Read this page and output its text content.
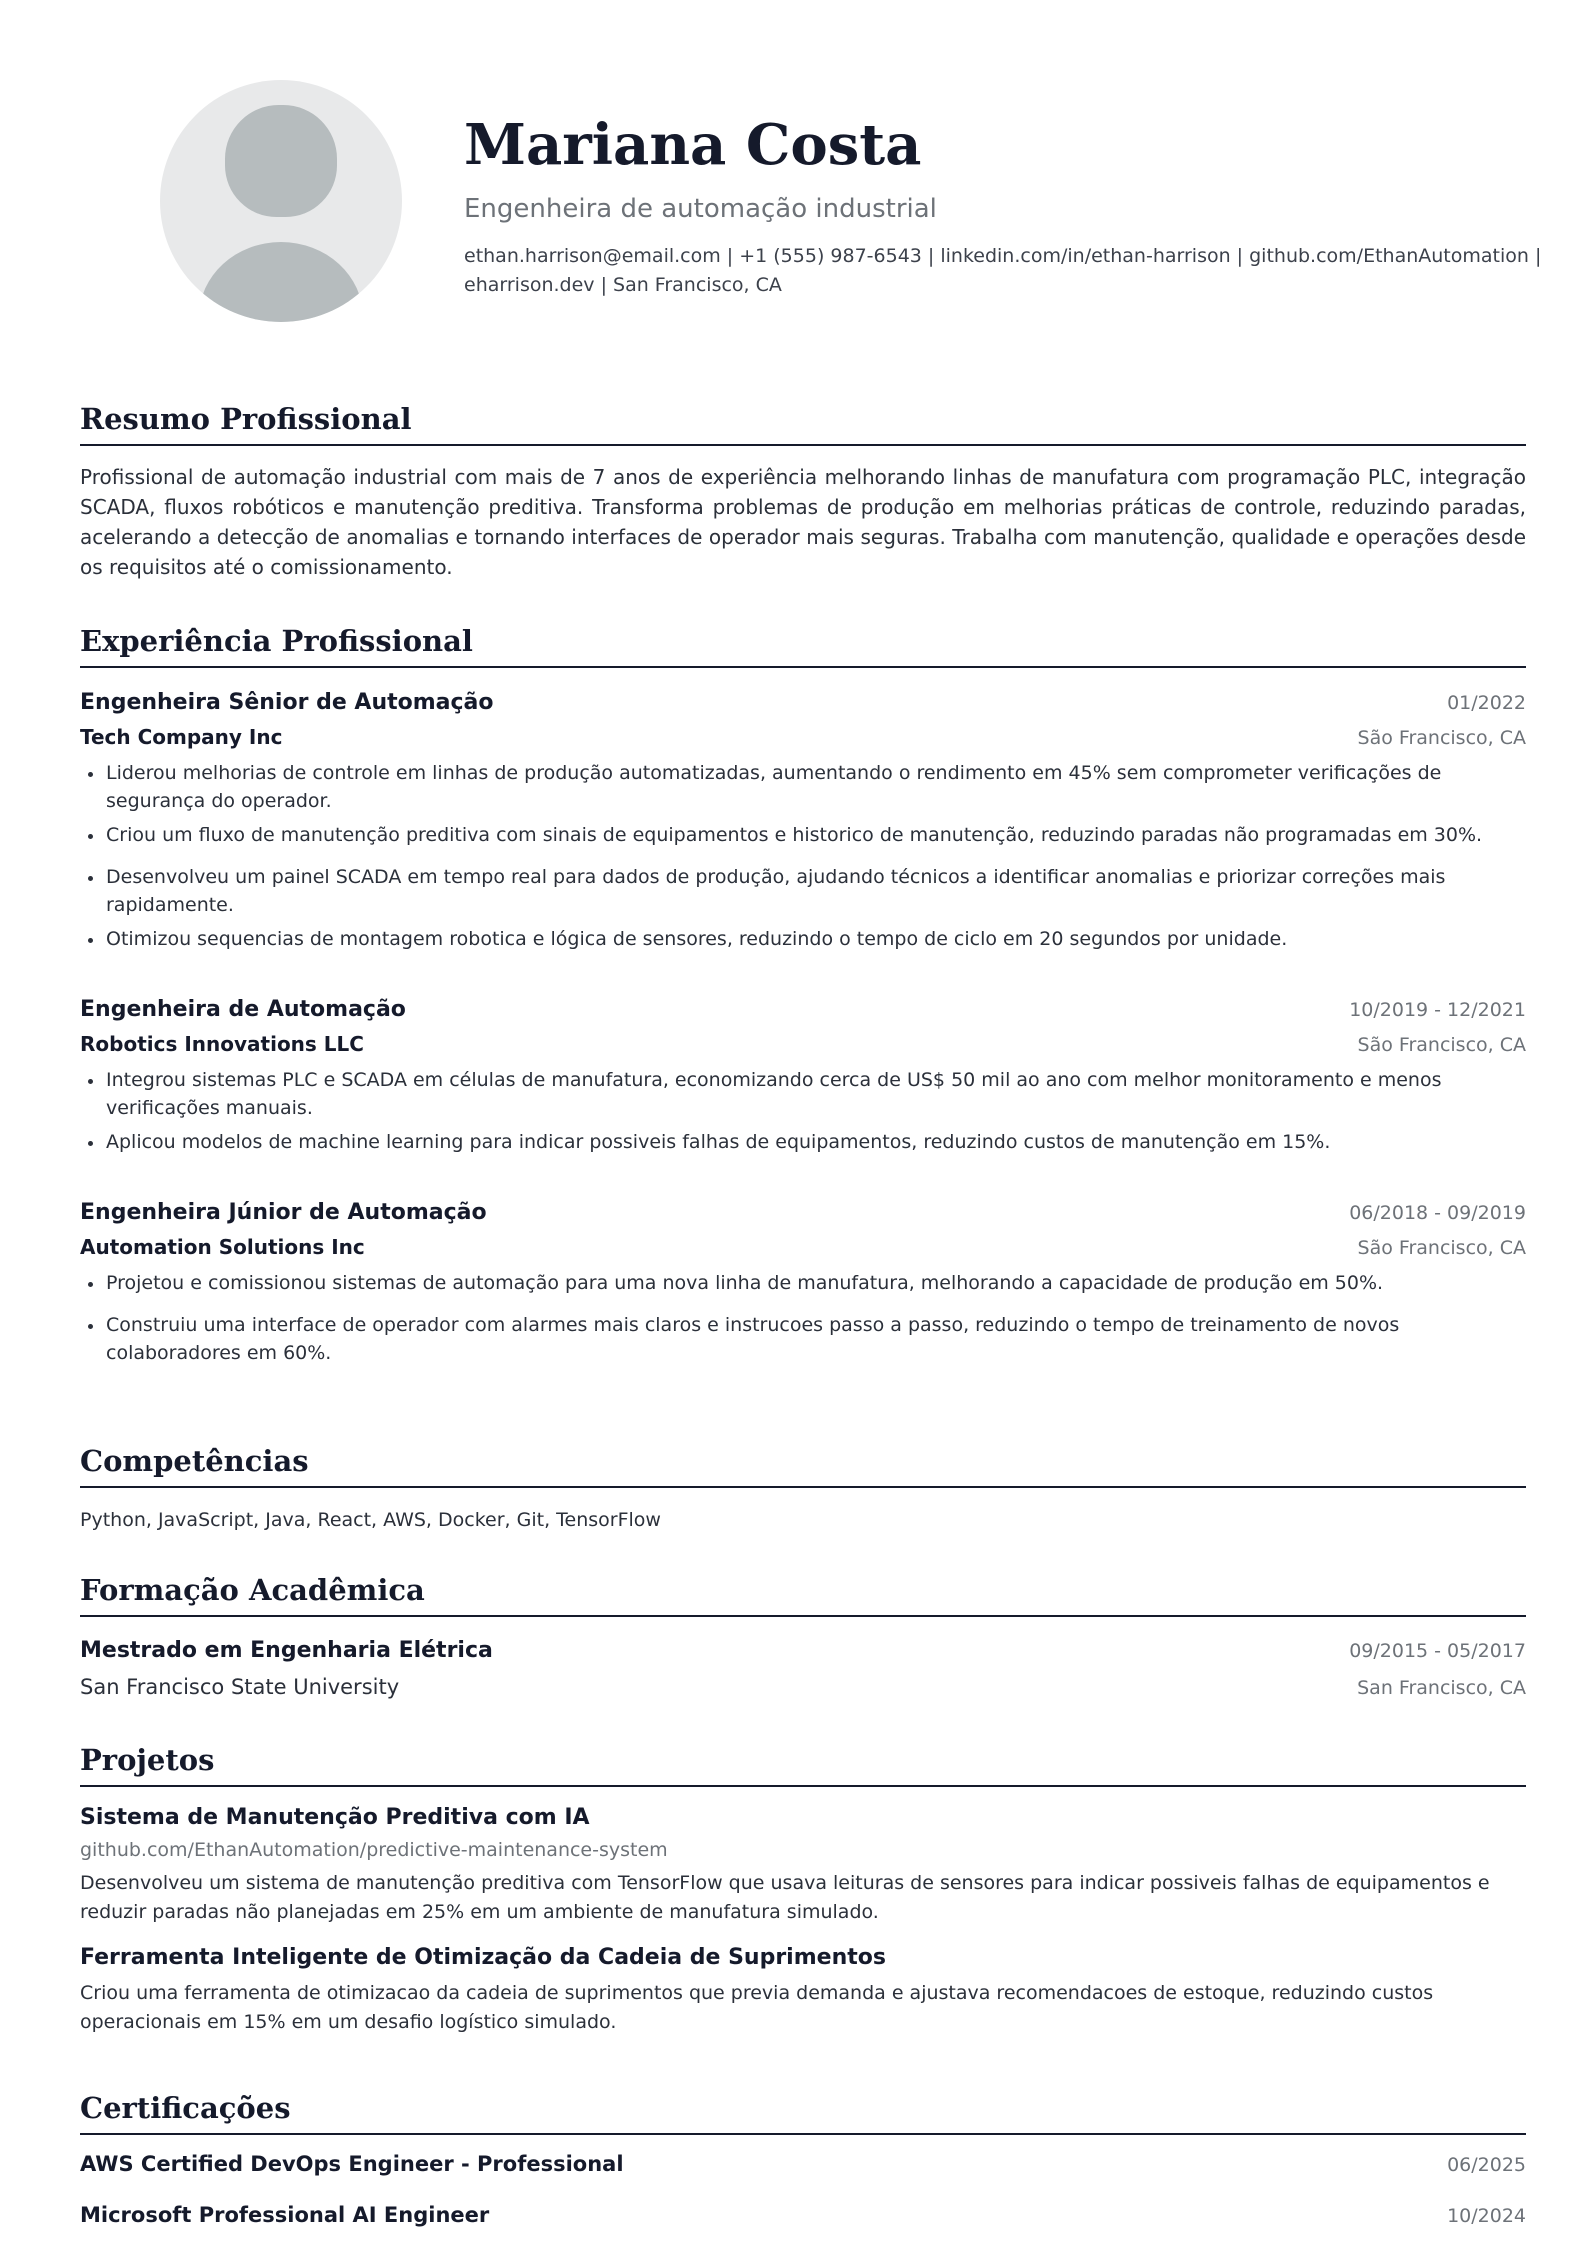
Mariana Costa
Engenheira de automação industrial
ethan.harrison@email.com | +1 (555) 987-6543 | linkedin.com/in/ethan-harrison | github.com/EthanAutomation |
eharrison.dev | San Francisco, CA
Resumo Profissional
Profissional de automação industrial com mais de 7 anos de experiência melhorando linhas de manufatura com programação PLC, integração SCADA, fluxos robóticos e manutenção preditiva. Transforma problemas de produção em melhorias práticas de controle, reduzindo paradas, acelerando a detecção de anomalias e tornando interfaces de operador mais seguras. Trabalha com manutenção, qualidade e operações desde os requisitos até o comissionamento.
Experiência Profissional
Engenheira Sênior de Automação	01/2022
Tech Company Inc	São Francisco, CA
Liderou melhorias de controle em linhas de produção automatizadas, aumentando o rendimento em 45% sem comprometer verificações de segurança do operador.
Criou um fluxo de manutenção preditiva com sinais de equipamentos e historico de manutenção, reduzindo paradas não programadas em 30%.
Desenvolveu um painel SCADA em tempo real para dados de produção, ajudando técnicos a identificar anomalias e priorizar correções mais rapidamente.
Otimizou sequencias de montagem robotica e lógica de sensores, reduzindo o tempo de ciclo em 20 segundos por unidade.
Engenheira de Automação	10/2019 - 12/2021
Robotics Innovations LLC	São Francisco, CA
Integrou sistemas PLC e SCADA em células de manufatura, economizando cerca de US$ 50 mil ao ano com melhor monitoramento e menos verificações manuais.
Aplicou modelos de machine learning para indicar possiveis falhas de equipamentos, reduzindo custos de manutenção em 15%.
Engenheira Júnior de Automação	06/2018 - 09/2019
Automation Solutions Inc	São Francisco, CA
Projetou e comissionou sistemas de automação para uma nova linha de manufatura, melhorando a capacidade de produção em 50%.
Construiu uma interface de operador com alarmes mais claros e instrucoes passo a passo, reduzindo o tempo de treinamento de novos colaboradores em 60%.
Competências
Python, JavaScript, Java, React, AWS, Docker, Git, TensorFlow
Formação Acadêmica
Mestrado em Engenharia Elétrica	09/2015 - 05/2017
San Francisco State University	San Francisco, CA
Projetos
Sistema de Manutenção Preditiva com IA
github.com/EthanAutomation/predictive-maintenance-system
Desenvolveu um sistema de manutenção preditiva com TensorFlow que usava leituras de sensores para indicar possiveis falhas de equipamentos e reduzir paradas não planejadas em 25% em um ambiente de manufatura simulado.
Ferramenta Inteligente de Otimização da Cadeia de Suprimentos
Criou uma ferramenta de otimizacao da cadeia de suprimentos que previa demanda e ajustava recomendacoes de estoque, reduzindo custos operacionais em 15% em um desafio logístico simulado.
Certificações
AWS Certified DevOps Engineer - Professional	06/2025
Microsoft Professional AI Engineer	10/2024
